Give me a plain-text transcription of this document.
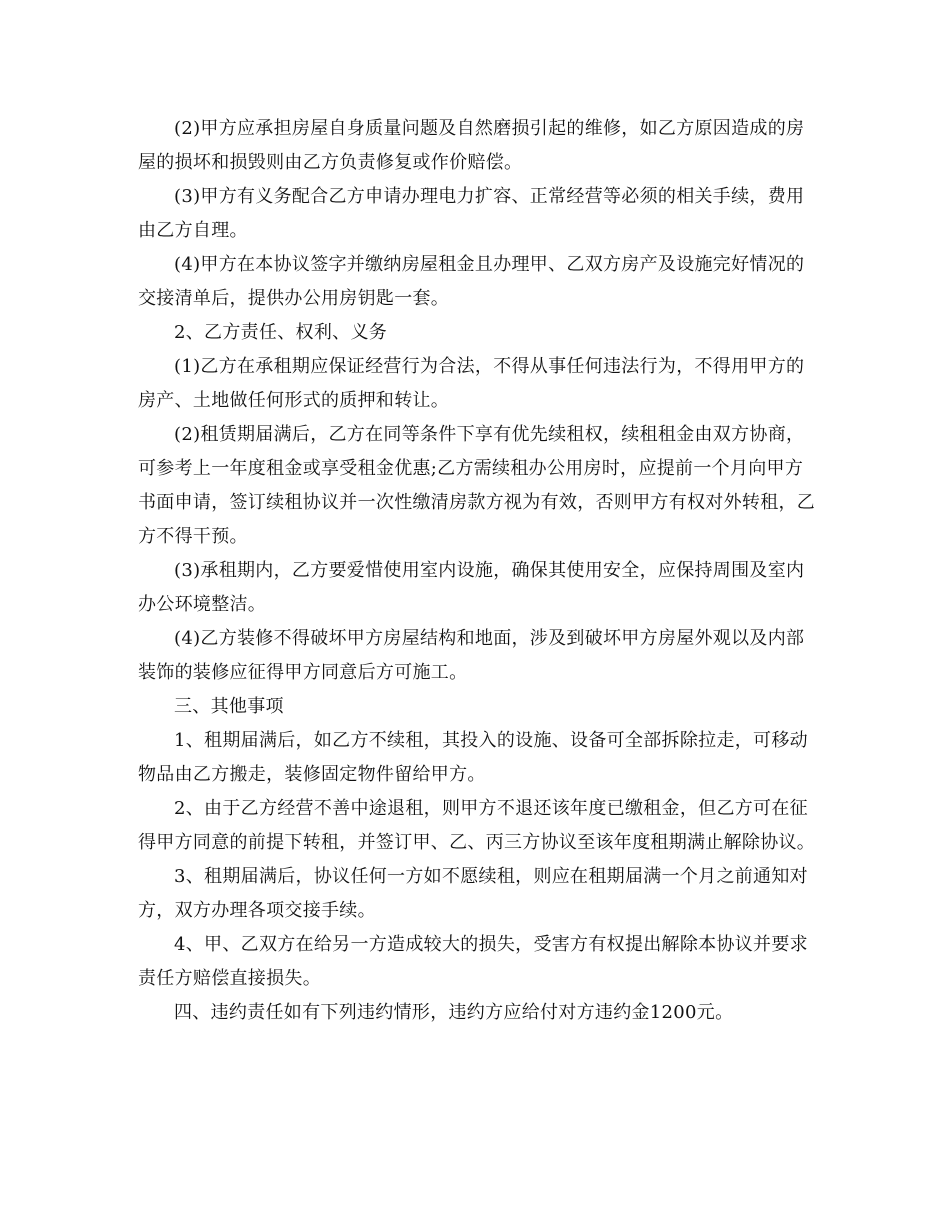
(2)甲方应承担房屋自身质量问题及自然磨损引起的维修，如乙方原因造成的房屋的损坏和损毁则由乙方负责修复或作价赔偿。

(3)甲方有义务配合乙方申请办理电力扩容、正常经营等必须的相关手续，费用由乙方自理。

(4)甲方在本协议签字并缴纳房屋租金且办理甲、乙双方房产及设施完好情况的交接清单后，提供办公用房钥匙一套。

2、乙方责任、权利、义务

(1)乙方在承租期应保证经营行为合法，不得从事任何违法行为，不得用甲方的房产、土地做任何形式的质押和转让。

(2)租赁期届满后，乙方在同等条件下享有优先续租权，续租租金由双方协商，可参考上一年度租金或享受租金优惠;乙方需续租办公用房时，应提前一个月向甲方书面申请，签订续租协议并一次性缴清房款方视为有效，否则甲方有权对外转租，乙方不得干预。

(3)承租期内，乙方要爱惜使用室内设施，确保其使用安全，应保持周围及室内办公环境整洁。

(4)乙方装修不得破坏甲方房屋结构和地面，涉及到破坏甲方房屋外观以及内部装饰的装修应征得甲方同意后方可施工。

三、其他事项

1、租期届满后，如乙方不续租，其投入的设施、设备可全部拆除拉走，可移动物品由乙方搬走，装修固定物件留给甲方。

2、由于乙方经营不善中途退租，则甲方不退还该年度已缴租金，但乙方可在征得甲方同意的前提下转租，并签订甲、乙、丙三方协议至该年度租期满止解除协议。

3、租期届满后，协议任何一方如不愿续租，则应在租期届满一个月之前通知对方，双方办理各项交接手续。

4、甲、乙双方在给另一方造成较大的损失，受害方有权提出解除本协议并要求责任方赔偿直接损失。

四、违约责任如有下列违约情形，违约方应给付对方违约金1200元。
